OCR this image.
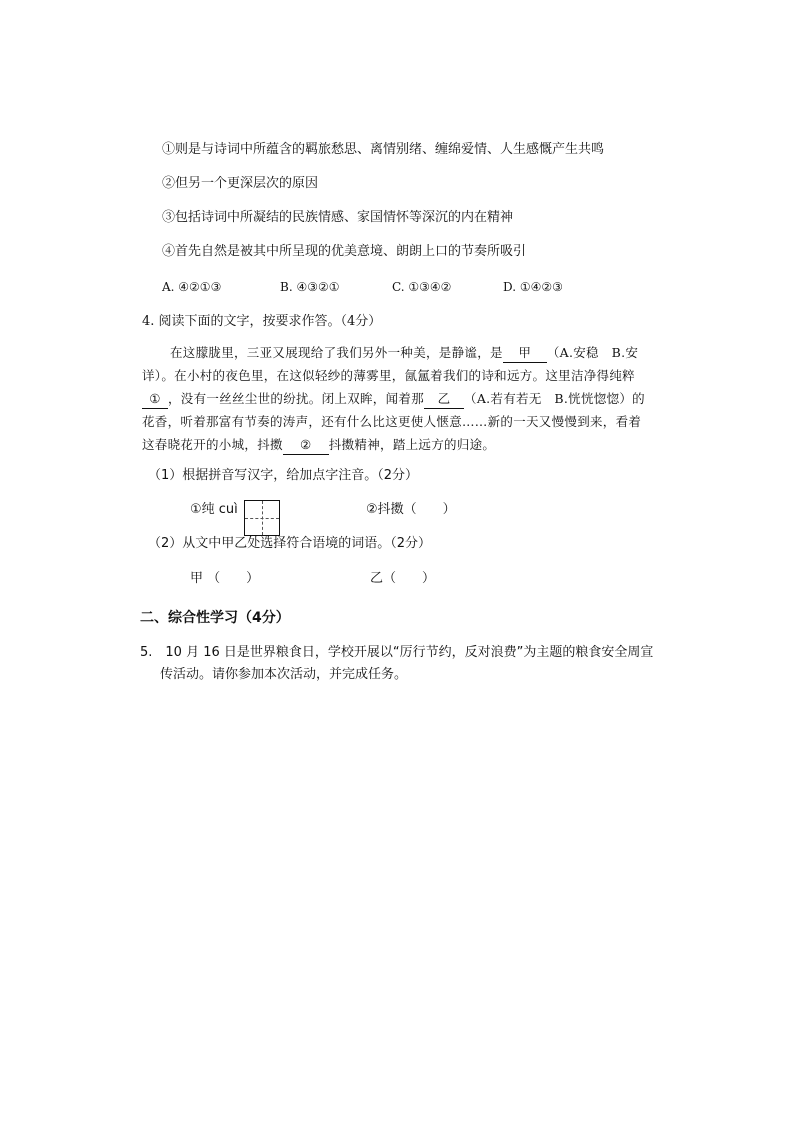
①则是与诗词中所蕴含的羁旅愁思、离情别绪、缠绵爱情、人生感慨产生共鸣
②但另一个更深层次的原因
③包括诗词中所凝结的民族情感、家国情怀等深沉的内在精神
④首先自然是被其中所呈现的优美意境、朗朗上口的节奏所吸引
A. ④②①③	B. ④③②①	C. ①③④②	D. ①④②③
4. 阅读下面的文字，按要求作答。（4分）
在这朦胧里，三亚又展现给了我们另外一种美，是静谧，是 甲 （A.安稳　B.安
详）。在小村的夜色里，在这似轻纱的薄雾里，氤氲着我们的诗和远方。这里洁净得纯粹
① ，没有一丝丝尘世的纷扰。闭上双眸，闻着那 乙 （A.若有若无　B.恍恍惚惚）的
花香，听着那富有节奏的涛声，还有什么比这更使人惬意……新的一天又慢慢到来，看着
这春晓花开的小城，抖擞 ② 抖擞精神，踏上远方的归途。
（1）根据拼音写汉字，给加点字注音。（2分）
①纯 cuì	②抖擞（　　）
（2）从文中甲乙处选择符合语境的词语。（2分）
甲 （　　）	乙（　　）
二、综合性学习（4分）
5.　10 月 16 日是世界粮食日，学校开展以“厉行节约，反对浪费”为主题的粮食安全周宣
传活动。请你参加本次活动，并完成任务。
